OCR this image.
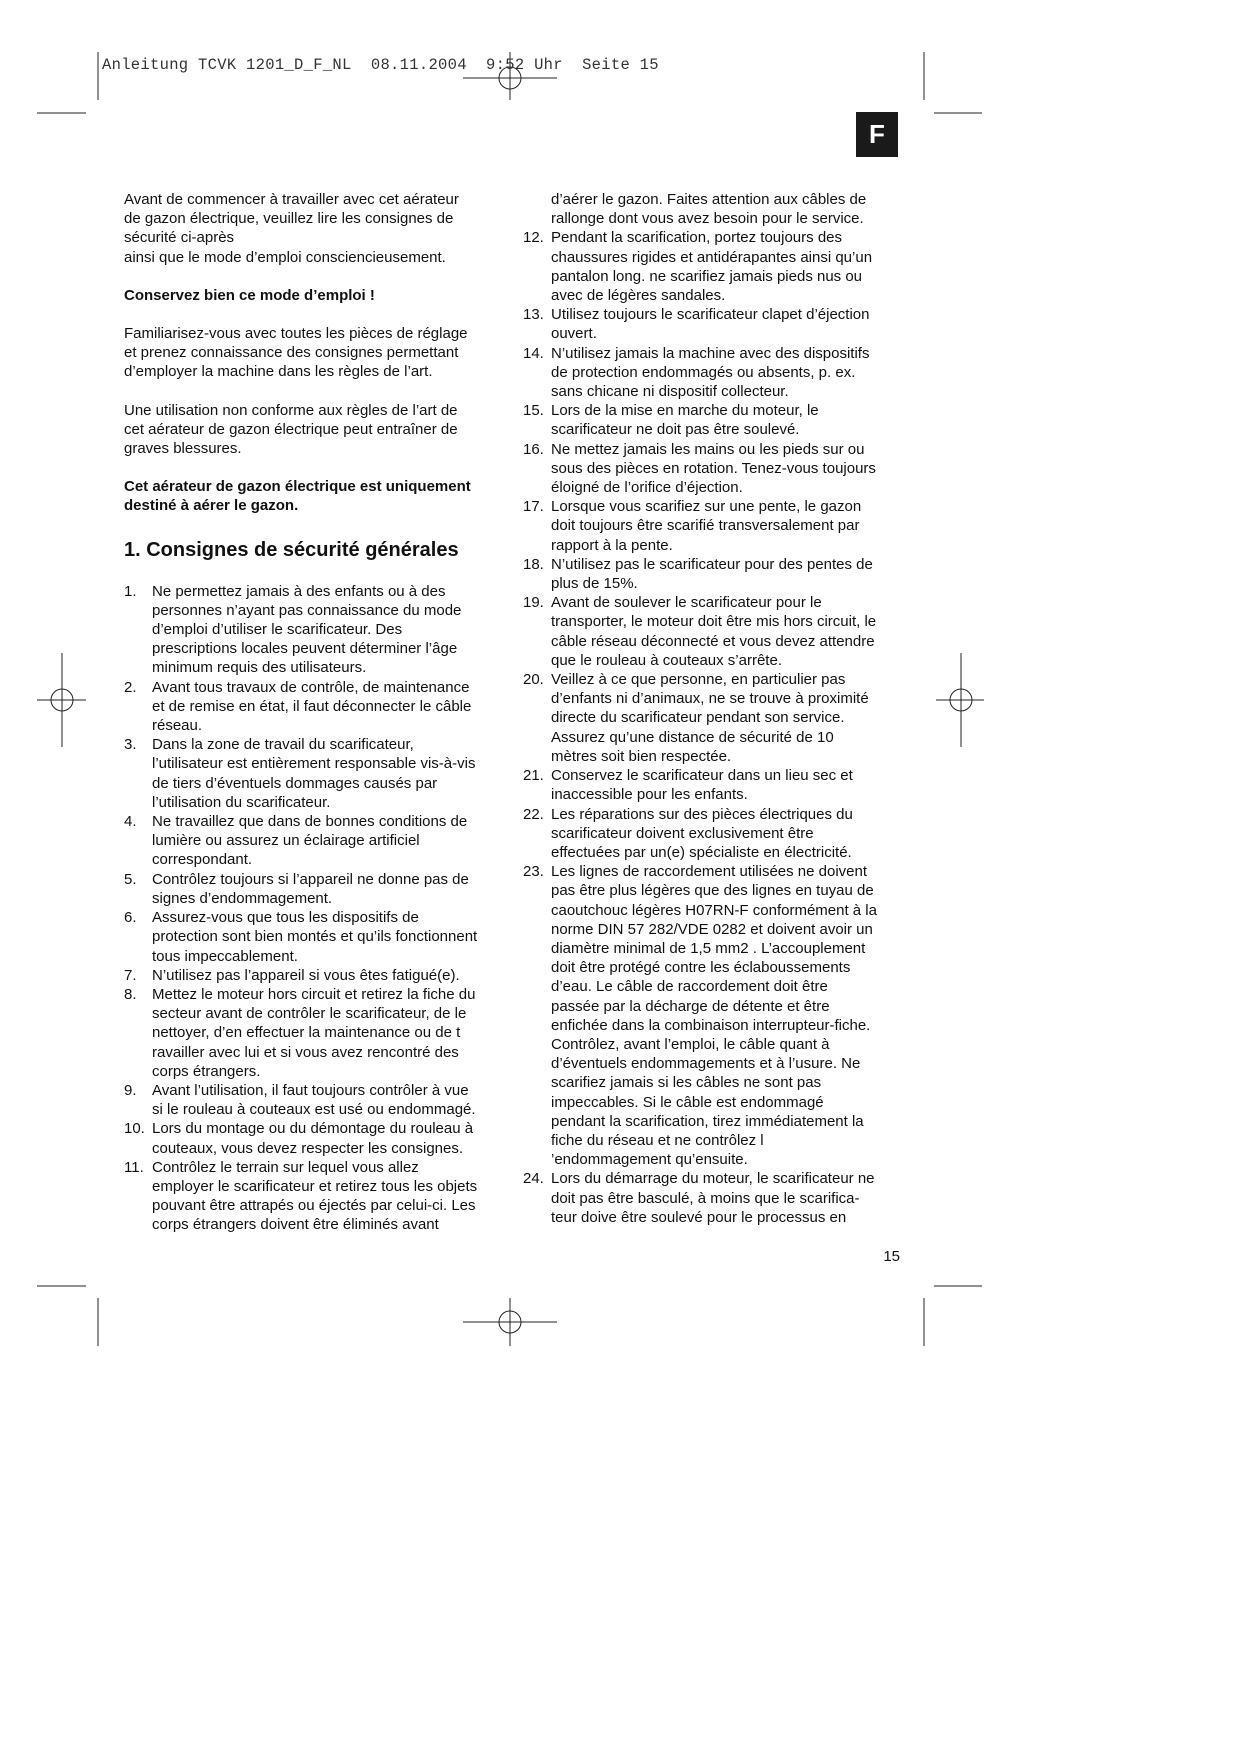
Anleitung TCVK 1201_D_F_NL  08.11.2004  9:52 Uhr  Seite 15
F

Avant de commencer à travailler avec cet aérateur

de gazon électrique, veuillez lire les consignes de

sécurité ci-après

ainsi que le mode d’emploi consciencieusement.

Conservez bien ce mode d’emploi !

Familiarisez-vous avec toutes les pièces de réglage

et prenez connaissance des consignes permettant

d’employer la machine dans les règles de l’art.

Une utilisation non conforme aux règles de l’art de

cet aérateur de gazon électrique peut entraîner de

graves blessures.

Cet aérateur de gazon électrique est uniquement

destiné à aérer le gazon.

1. Consignes de sécurité générales

1. Ne permettez jamais à des enfants ou à des

personnes n’ayant pas connaissance du mode

d’emploi d’utiliser le scarificateur. Des

prescriptions locales peuvent déterminer l’âge

minimum requis des utilisateurs.

2. Avant tous travaux de contrôle, de maintenance

et de remise en état, il faut déconnecter le câble

réseau.

3. Dans la zone de travail du scarificateur,

l’utilisateur est entièrement responsable vis-à-vis

de tiers d’éventuels dommages causés par

l’utilisation du scarificateur.

4. Ne travaillez que dans de bonnes conditions de

lumière ou assurez un éclairage artificiel

correspondant.

5. Contrôlez toujours si l’appareil ne donne pas de

signes d’endommagement.

6. Assurez-vous que tous les dispositifs de

protection sont bien montés et qu’ils fonctionnent

tous impeccablement.

7. N’utilisez pas l’appareil si vous êtes fatigué(e).

8. Mettez le moteur hors circuit et retirez la fiche du

secteur avant de contrôler le scarificateur, de le

nettoyer, d’en effectuer la maintenance ou de t

ravailler avec lui et si vous avez rencontré des

corps étrangers.

9. Avant l’utilisation, il faut toujours contrôler à vue

si le rouleau à couteaux est usé ou endommagé.

10. Lors du montage ou du démontage du rouleau à

couteaux, vous devez respecter les consignes.

11. Contrôlez le terrain sur lequel vous allez

employer le scarificateur et retirez tous les objets

pouvant être attrapés ou éjectés par celui-ci. Les

corps étrangers doivent être éliminés avant

d’aérer le gazon. Faites attention aux câbles de

rallonge dont vous avez besoin pour le service.

12. Pendant la scarification, portez toujours des

chaussures rigides et antidérapantes ainsi qu’un

pantalon long. ne scarifiez jamais pieds nus ou

avec de légères sandales.

13. Utilisez toujours le scarificateur clapet d’éjection

ouvert.

14. N’utilisez jamais la machine avec des dispositifs

de protection endommagés ou absents, p. ex.

sans chicane ni dispositif collecteur.

15. Lors de la mise en marche du moteur, le

scarificateur ne doit pas être soulevé.

16. Ne mettez jamais les mains ou les pieds sur ou

sous des pièces en rotation. Tenez-vous toujours

éloigné de l’orifice d’éjection.

17. Lorsque vous scarifiez sur une pente, le gazon

doit toujours être scarifié transversalement par

rapport à la pente.

18. N’utilisez pas le scarificateur pour des pentes de

plus de 15%.

19. Avant de soulever le scarificateur pour le

transporter, le moteur doit être mis hors circuit, le

câble réseau déconnecté et vous devez attendre

que le rouleau à couteaux s’arrête.

20. Veillez à ce que personne, en particulier pas

d’enfants ni d’animaux, ne se trouve à proximité

directe du scarificateur pendant son service.

Assurez qu’une distance de sécurité de 10

mètres soit bien respectée.

21. Conservez le scarificateur dans un lieu sec et

inaccessible pour les enfants.

22. Les réparations sur des pièces électriques du

scarificateur doivent exclusivement être

effectuées par un(e) spécialiste en électricité.

23. Les lignes de raccordement utilisées ne doivent

pas être plus légères que des lignes en tuyau de

caoutchouc légères H07RN-F conformément à la

norme DIN 57 282/VDE 0282 et doivent avoir un

diamètre minimal de 1,5 mm2 . L’accouplement

doit être protégé contre les éclaboussements

d’eau. Le câble de raccordement doit être

passée par la décharge de détente et être

enfichée dans la combinaison interrupteur-fiche.

Contrôlez, avant l’emploi, le câble quant à

d’éventuels endommagements et à l’usure. Ne

scarifiez jamais si les câbles ne sont pas

impeccables. Si le câble est endommagé

pendant la scarification, tirez immédiatement la

fiche du réseau et ne contrôlez l

’endommagement qu’ensuite.

24. Lors du démarrage du moteur, le scarificateur ne

doit pas être basculé, à moins que le scarifica-

teur doive être soulevé pour le processus en

15
